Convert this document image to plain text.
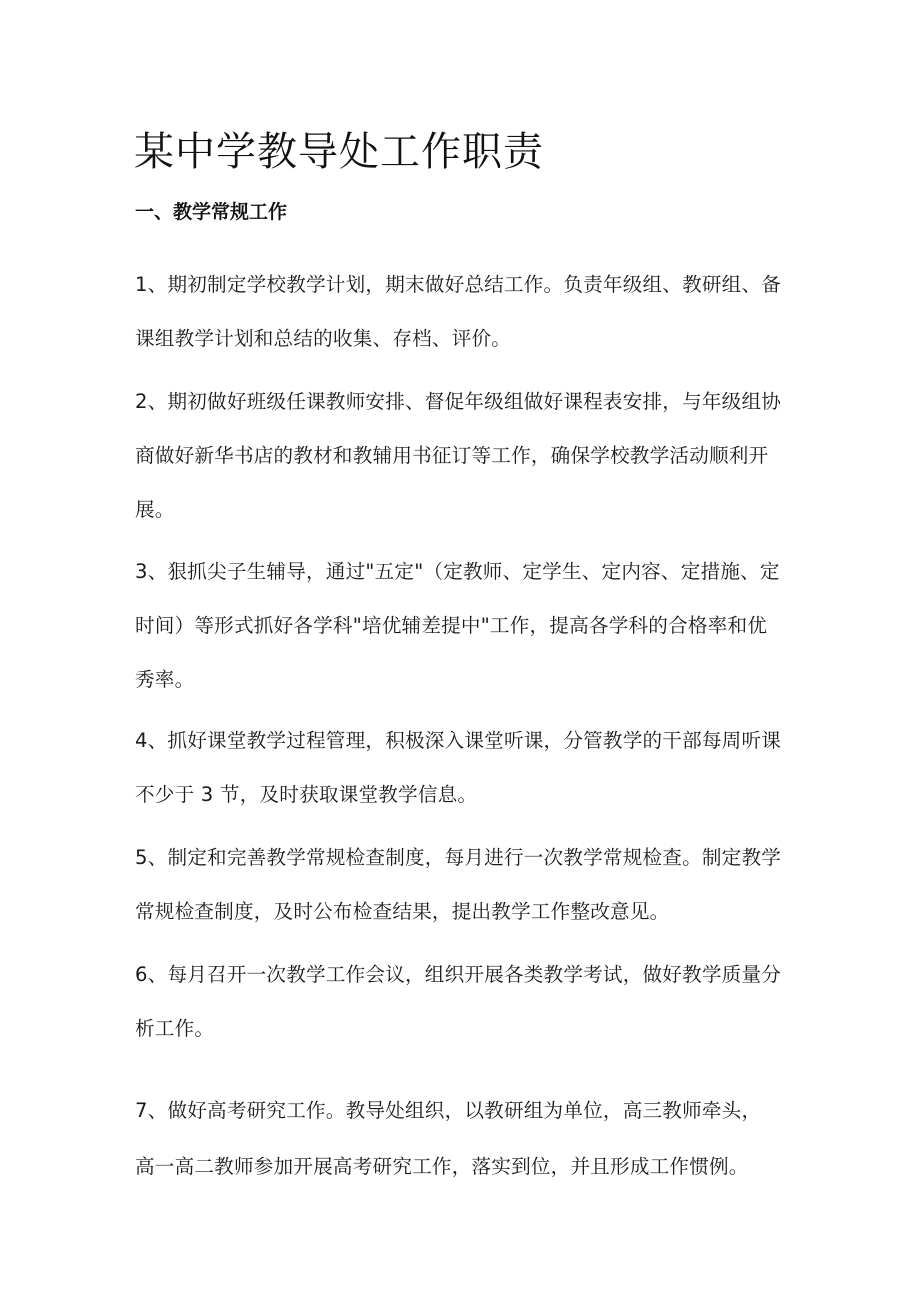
某中学教导处工作职责
一、教学常规工作

1、期初制定学校教学计划，期末做好总结工作。负责年级组、教研组、备
课组教学计划和总结的收集、存档、评价。

2、期初做好班级任课教师安排、督促年级组做好课程表安排，与年级组协
商做好新华书店的教材和教辅用书征订等工作，确保学校教学活动顺利开
展。

3、狠抓尖子生辅导，通过"五定"（定教师、定学生、定内容、定措施、定
时间）等形式抓好各学科"培优辅差提中"工作，提高各学科的合格率和优
秀率。

4、抓好课堂教学过程管理，积极深入课堂听课，分管教学的干部每周听课
不少于 3 节，及时获取课堂教学信息。

5、制定和完善教学常规检查制度，每月进行一次教学常规检查。制定教学
常规检查制度，及时公布检查结果，提出教学工作整改意见。

6、每月召开一次教学工作会议，组织开展各类教学考试，做好教学质量分
析工作。

7、做好高考研究工作。教导处组织，以教研组为单位，高三教师牵头，
高一高二教师参加开展高考研究工作，落实到位，并且形成工作惯例。
